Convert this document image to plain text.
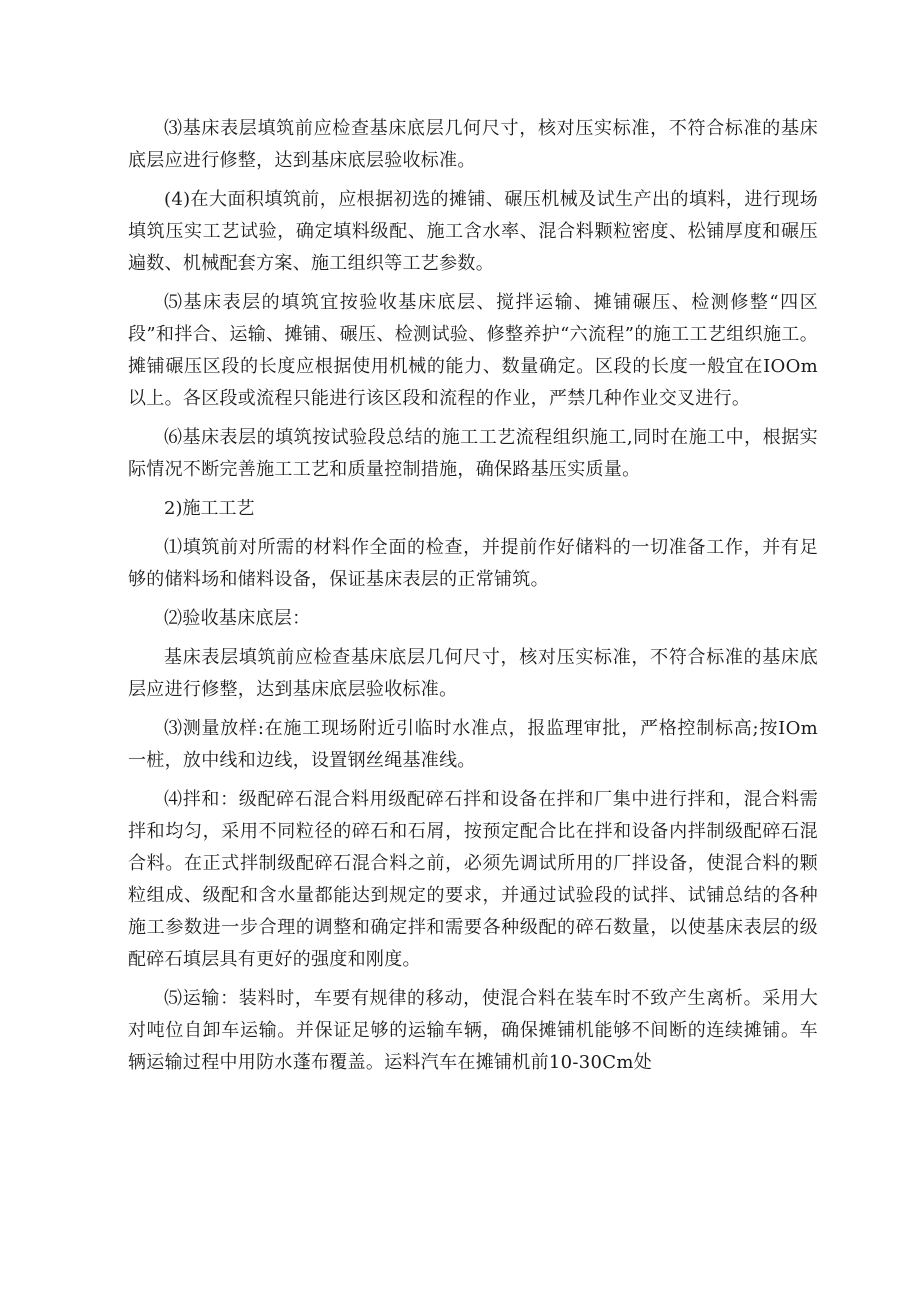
⑶基床表层填筑前应检查基床底层几何尺寸，核对压实标准，不符合标准的基床底层应进行修整，达到基床底层验收标准。

(4)在大面积填筑前，应根据初选的摊铺、碾压机械及试生产出的填料，进行现场填筑压实工艺试验，确定填料级配、施工含水率、混合料颗粒密度、松铺厚度和碾压遍数、机械配套方案、施工组织等工艺参数。

⑸基床表层的填筑宜按验收基床底层、搅拌运输、摊铺碾压、检测修整“四区段”和拌合、运输、摊铺、碾压、检测试验、修整养护“六流程”的施工工艺组织施工。摊铺碾压区段的长度应根据使用机械的能力、数量确定。区段的长度一般宜在IOOm以上。各区段或流程只能进行该区段和流程的作业，严禁几种作业交叉进行。

⑹基床表层的填筑按试验段总结的施工工艺流程组织施工,同时在施工中，根据实际情况不断完善施工工艺和质量控制措施，确保路基压实质量。

2)施工工艺

⑴填筑前对所需的材料作全面的检查，并提前作好储料的一切准备工作，并有足够的储料场和储料设备，保证基床表层的正常铺筑。

⑵验收基床底层：

基床表层填筑前应检查基床底层几何尺寸，核对压实标准，不符合标准的基床底层应进行修整，达到基床底层验收标准。

⑶测量放样:在施工现场附近引临时水准点，报监理审批，严格控制标高;按IOm一桩，放中线和边线，设置钢丝绳基准线。

⑷拌和：级配碎石混合料用级配碎石拌和设备在拌和厂集中进行拌和，混合料需拌和均匀，采用不同粒径的碎石和石屑，按预定配合比在拌和设备内拌制级配碎石混合料。在正式拌制级配碎石混合料之前，必须先调试所用的厂拌设备，使混合料的颗粒组成、级配和含水量都能达到规定的要求，并通过试验段的试拌、试铺总结的各种施工参数进一步合理的调整和确定拌和需要各种级配的碎石数量，以使基床表层的级配碎石填层具有更好的强度和刚度。

⑸运输：装料时，车要有规律的移动，使混合料在装车时不致产生离析。采用大对吨位自卸车运输。并保证足够的运输车辆，确保摊铺机能够不间断的连续摊铺。车辆运输过程中用防水蓬布覆盖。运料汽车在摊铺机前10-30Cm处
